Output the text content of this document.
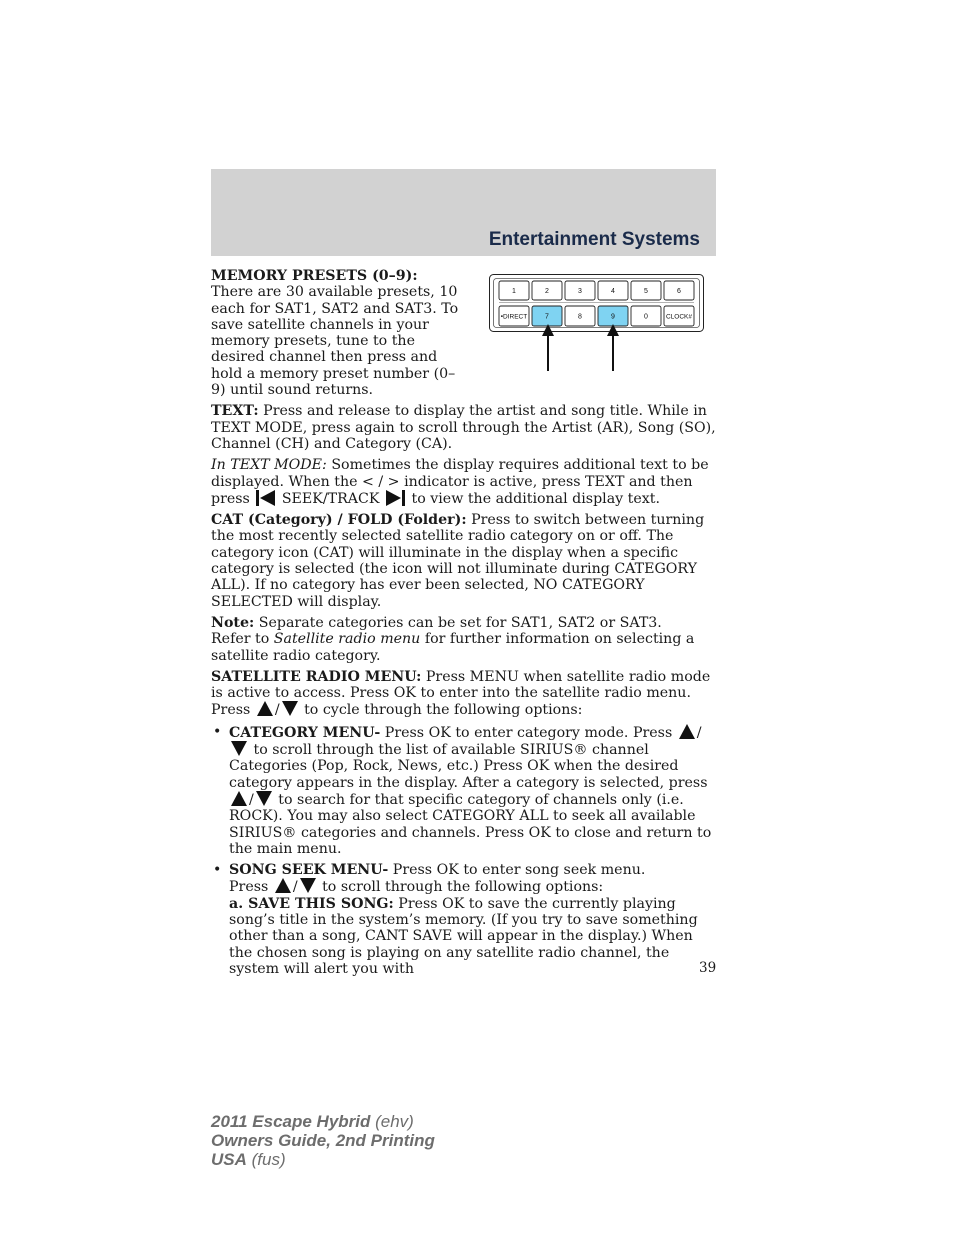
Entertainment Systems
1	2	3	4	5	6
•DIRECT	7	8	9	0	CLOCK#

MEMORY PRESETS (0–9): There are 30 available presets, 10 each for SAT1, SAT2 and SAT3. To save satellite channels in your memory presets, tune to the desired channel then press and hold a memory preset number (0–9) until sound returns.

TEXT: Press and release to display the artist and song title. While in TEXT MODE, press again to scroll through the Artist (AR), Song (SO), Channel (CH) and Category (CA).

In TEXT MODE: Sometimes the display requires additional text to be displayed. When the < / > indicator is active, press TEXT and then
press SEEK/TRACK to view the additional display text.

CAT (Category) / FOLD (Folder): Press to switch between turning the most recently selected satellite radio category on or off. The category icon (CAT) will illuminate in the display when a specific category is selected (the icon will not illuminate during CATEGORY ALL). If no category has ever been selected, NO CATEGORY SELECTED will display.

Note: Separate categories can be set for SAT1, SAT2 or SAT3.
Refer to Satellite radio menu for further information on selecting a satellite radio category.

SATELLITE RADIO MENU: Press MENU when satellite radio mode is active to access. Press OK to enter into the satellite radio menu.
Press / to cycle through the following options:

• CATEGORY MENU- Press OK to enter category mode. Press / to scroll through the list of available SIRIUS® channel Categories (Pop, Rock, News, etc.) Press OK when the desired category appears in the display. After a category is selected, press / to search for that specific category of channels only (i.e. ROCK). You may also select CATEGORY ALL to seek all available SIRIUS® categories and channels. Press OK to close and return to the main menu.
• SONG SEEK MENU- Press OK to enter song seek menu.
Press / to scroll through the following options:
a. SAVE THIS SONG: Press OK to save the currently playing song’s title in the system’s memory. (If you try to save something other than a song, CANT SAVE will appear in the display.) When the chosen song is playing on any satellite radio channel, the system will alert you with	39
2011 Escape Hybrid (ehv)
Owners Guide, 2nd Printing
USA (fus)
